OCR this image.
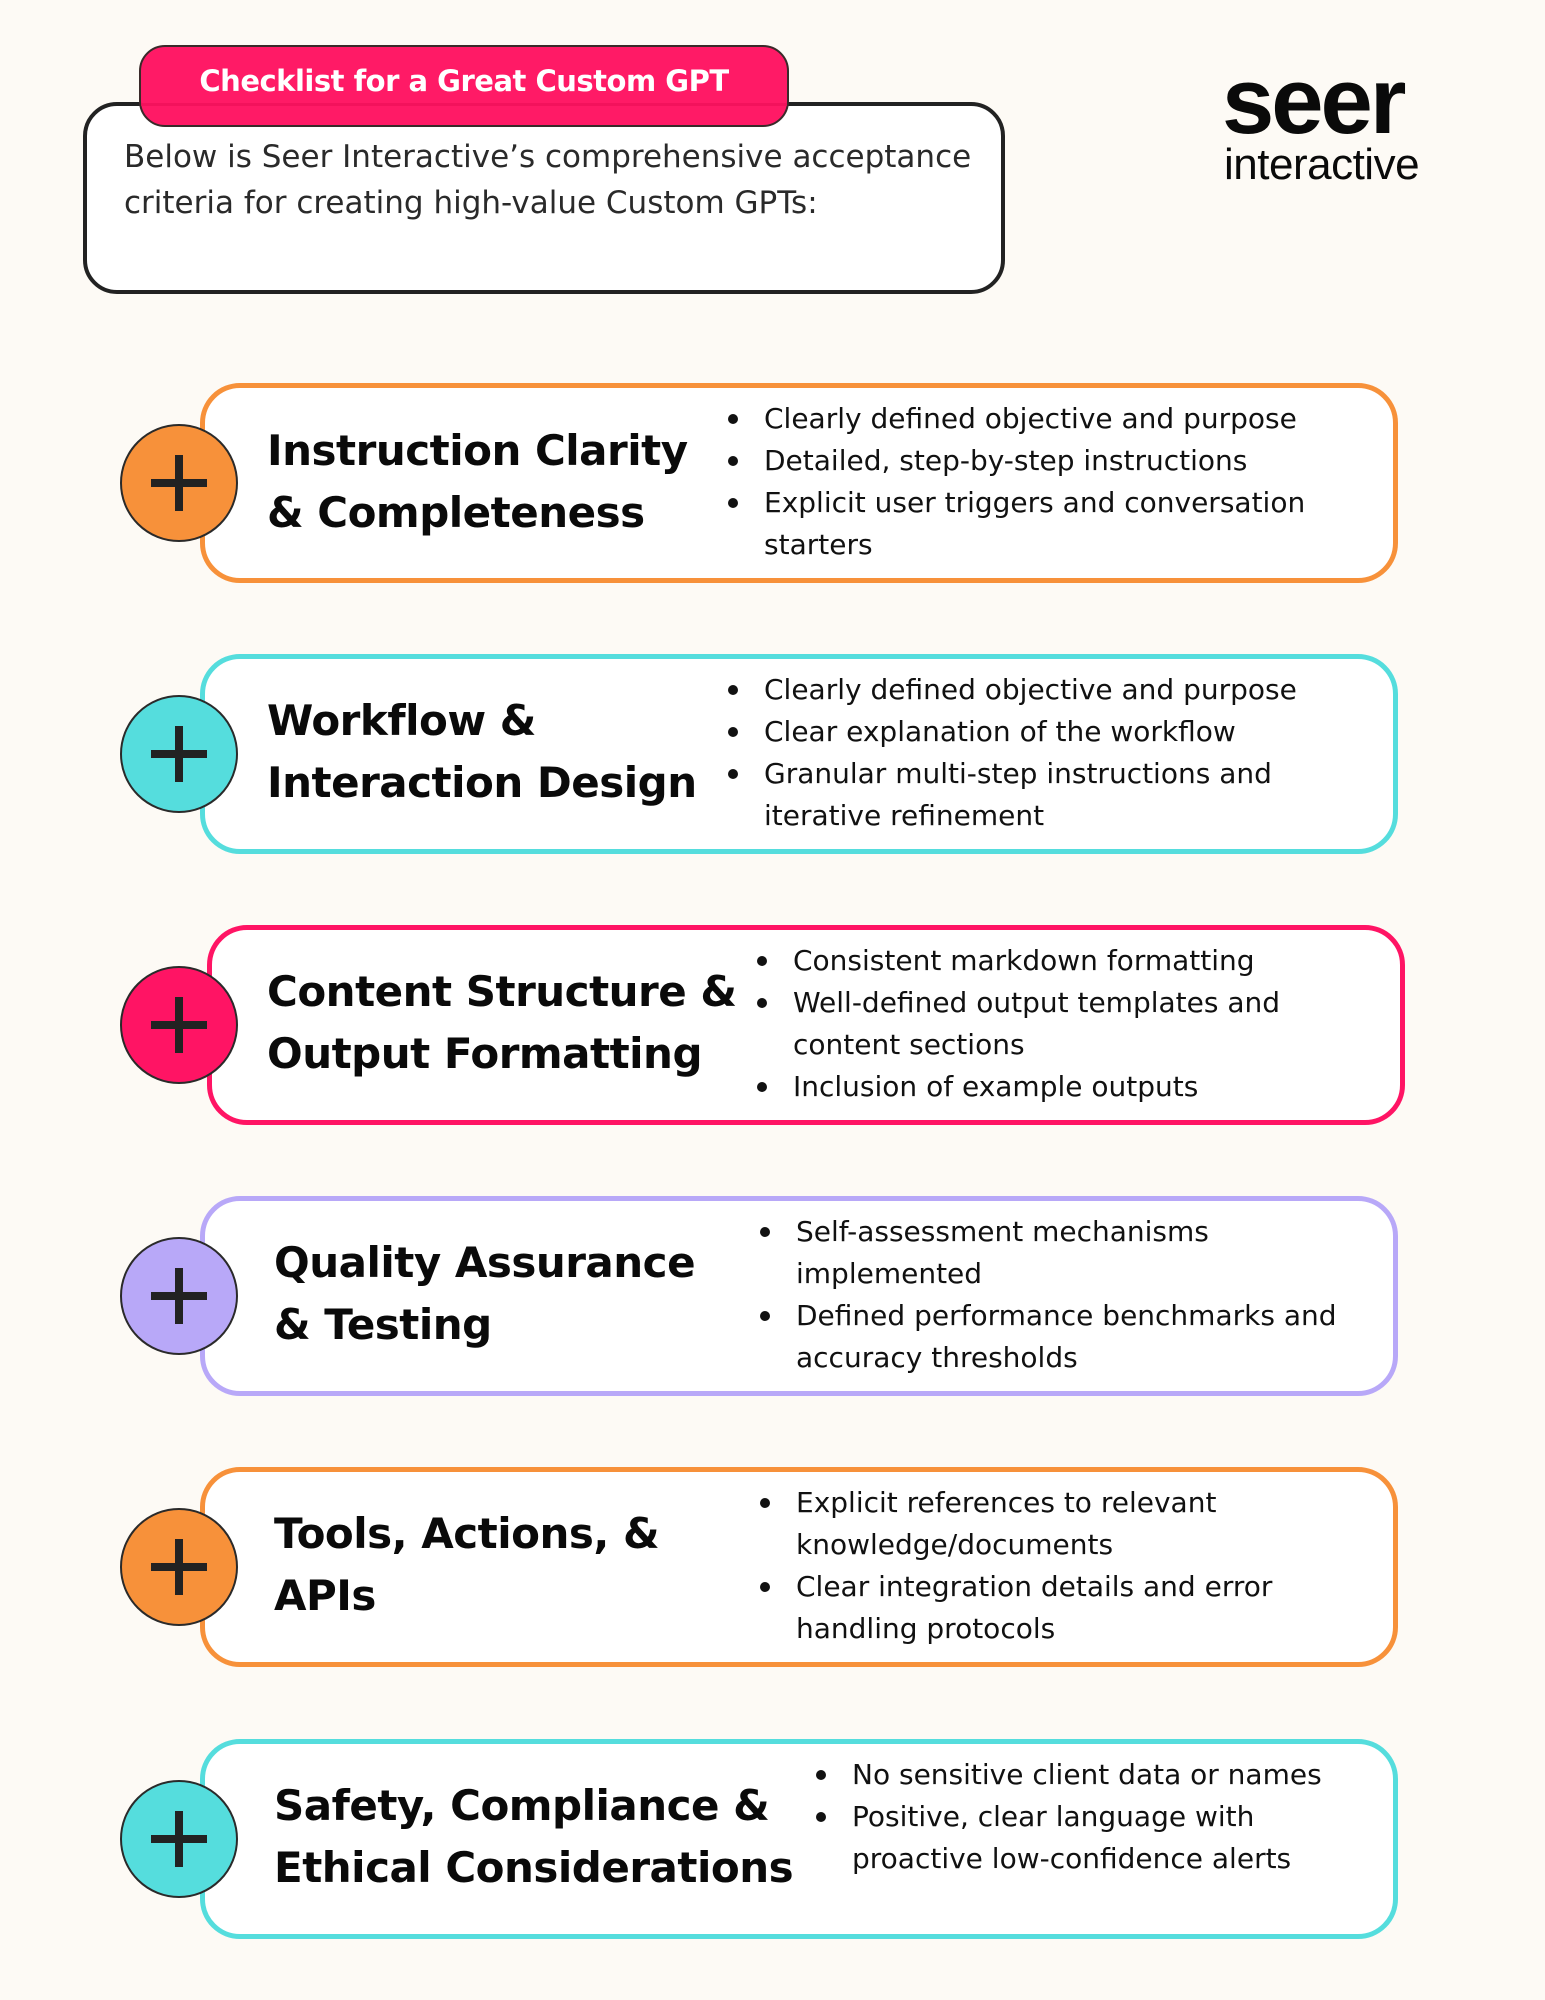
Checklist for a Great Custom GPT
Below is Seer Interactive’s comprehensive acceptance criteria for creating high-value Custom GPTs:
seer
interactive
Instruction Clarity
& Completeness
Clearly defined objective and purpose
Detailed, step-by-step instructions
Explicit user triggers and conversation starters
Workflow &
Interaction Design
Clearly defined objective and purpose
Clear explanation of the workflow
Granular multi-step instructions and iterative refinement
Content Structure &
Output Formatting
Consistent markdown formatting
Well-defined output templates and content sections
Inclusion of example outputs
Quality Assurance
& Testing
Self-assessment mechanisms implemented
Defined performance benchmarks and accuracy thresholds
Tools, Actions, &
APIs
Explicit references to relevant knowledge/documents
Clear integration details and error handling protocols
Safety, Compliance &
Ethical Considerations
No sensitive client data or names
Positive, clear language with proactive low-confidence alerts
